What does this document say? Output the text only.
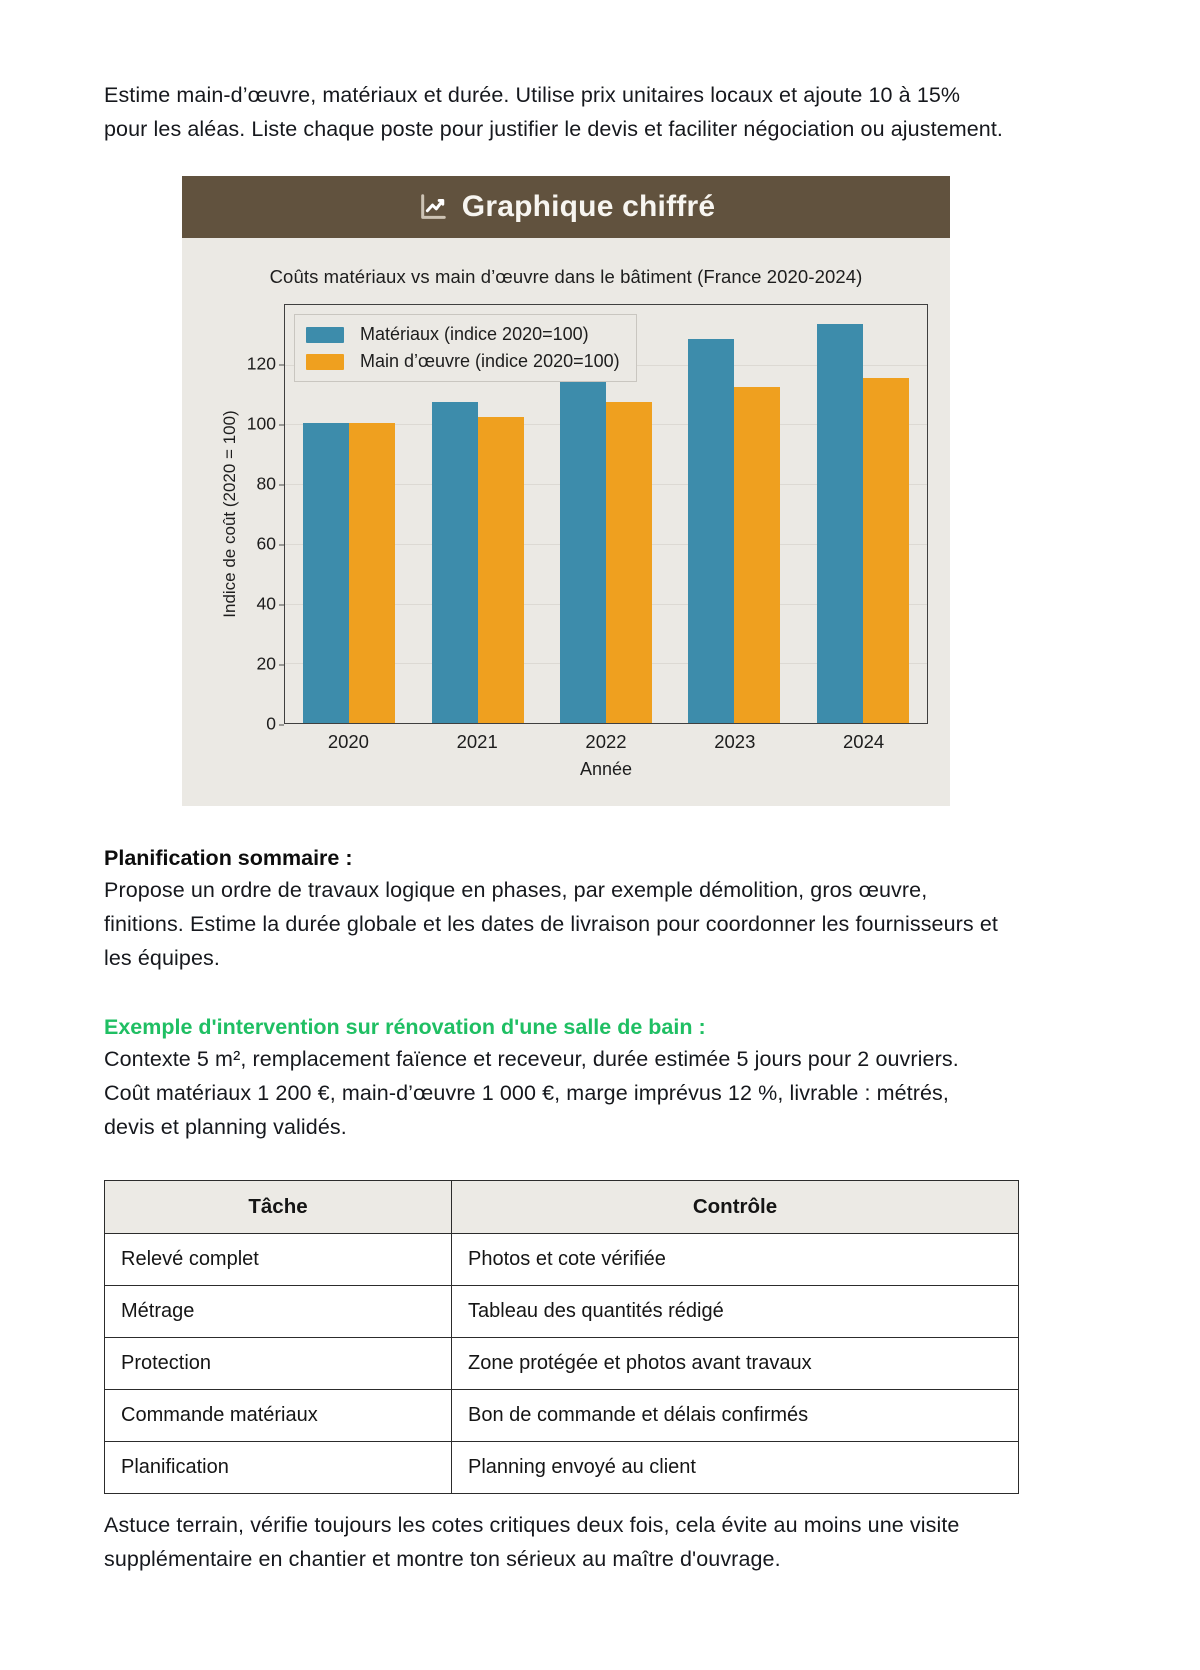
Estime main-d’œuvre, matériaux et durée. Utilise prix unitaires locaux et ajoute 10 à 15% pour les aléas. Liste chaque poste pour justifier le devis et faciliter négociation ou ajustement.

Graphique chiffré
Coûts matériaux vs main d’œuvre dans le bâtiment (France 2020-2024)
Indice de coût (2020 = 100)
0
20
40
60
80
100
120
Matériaux (indice 2020=100)
Main d’œuvre (indice 2020=100)
2020	2021	2022	2023	2024
Année
Planification sommaire :

Propose un ordre de travaux logique en phases, par exemple démolition, gros œuvre, finitions. Estime la durée globale et les dates de livraison pour coordonner les fournisseurs et les équipes.

Exemple d'intervention sur rénovation d'une salle de bain :

Contexte 5 m², remplacement faïence et receveur, durée estimée 5 jours pour 2 ouvriers. Coût matériaux 1 200 €, main-d’œuvre 1 000 €, marge imprévus 12 %, livrable : métrés, devis et planning validés.

Tâche	Contrôle
Relevé complet	Photos et cote vérifiée
Métrage	Tableau des quantités rédigé
Protection	Zone protégée et photos avant travaux
Commande matériaux	Bon de commande et délais confirmés
Planification	Planning envoyé au client

Astuce terrain, vérifie toujours les cotes critiques deux fois, cela évite au moins une visite supplémentaire en chantier et montre ton sérieux au maître d'ouvrage.
